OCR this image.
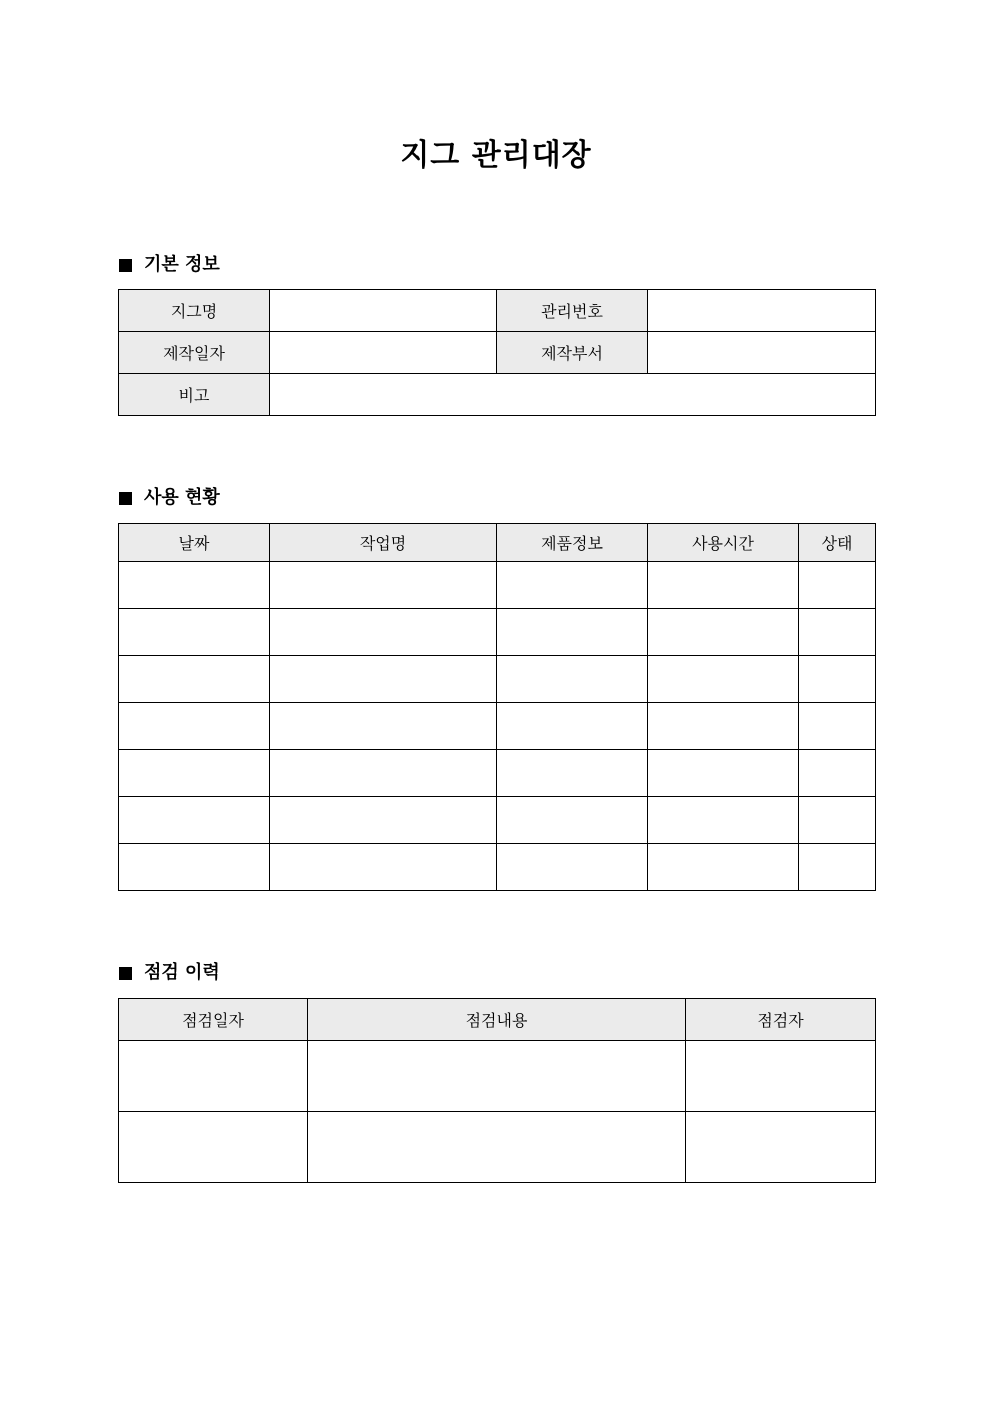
지그 관리대장
기본 정보
지그명		관리번호	
제작일자		제작부서	
비고			
사용 현황
날짜	작업명	제품정보	사용시간	상태

점검 이력
점검일자	점검내용	점검자
